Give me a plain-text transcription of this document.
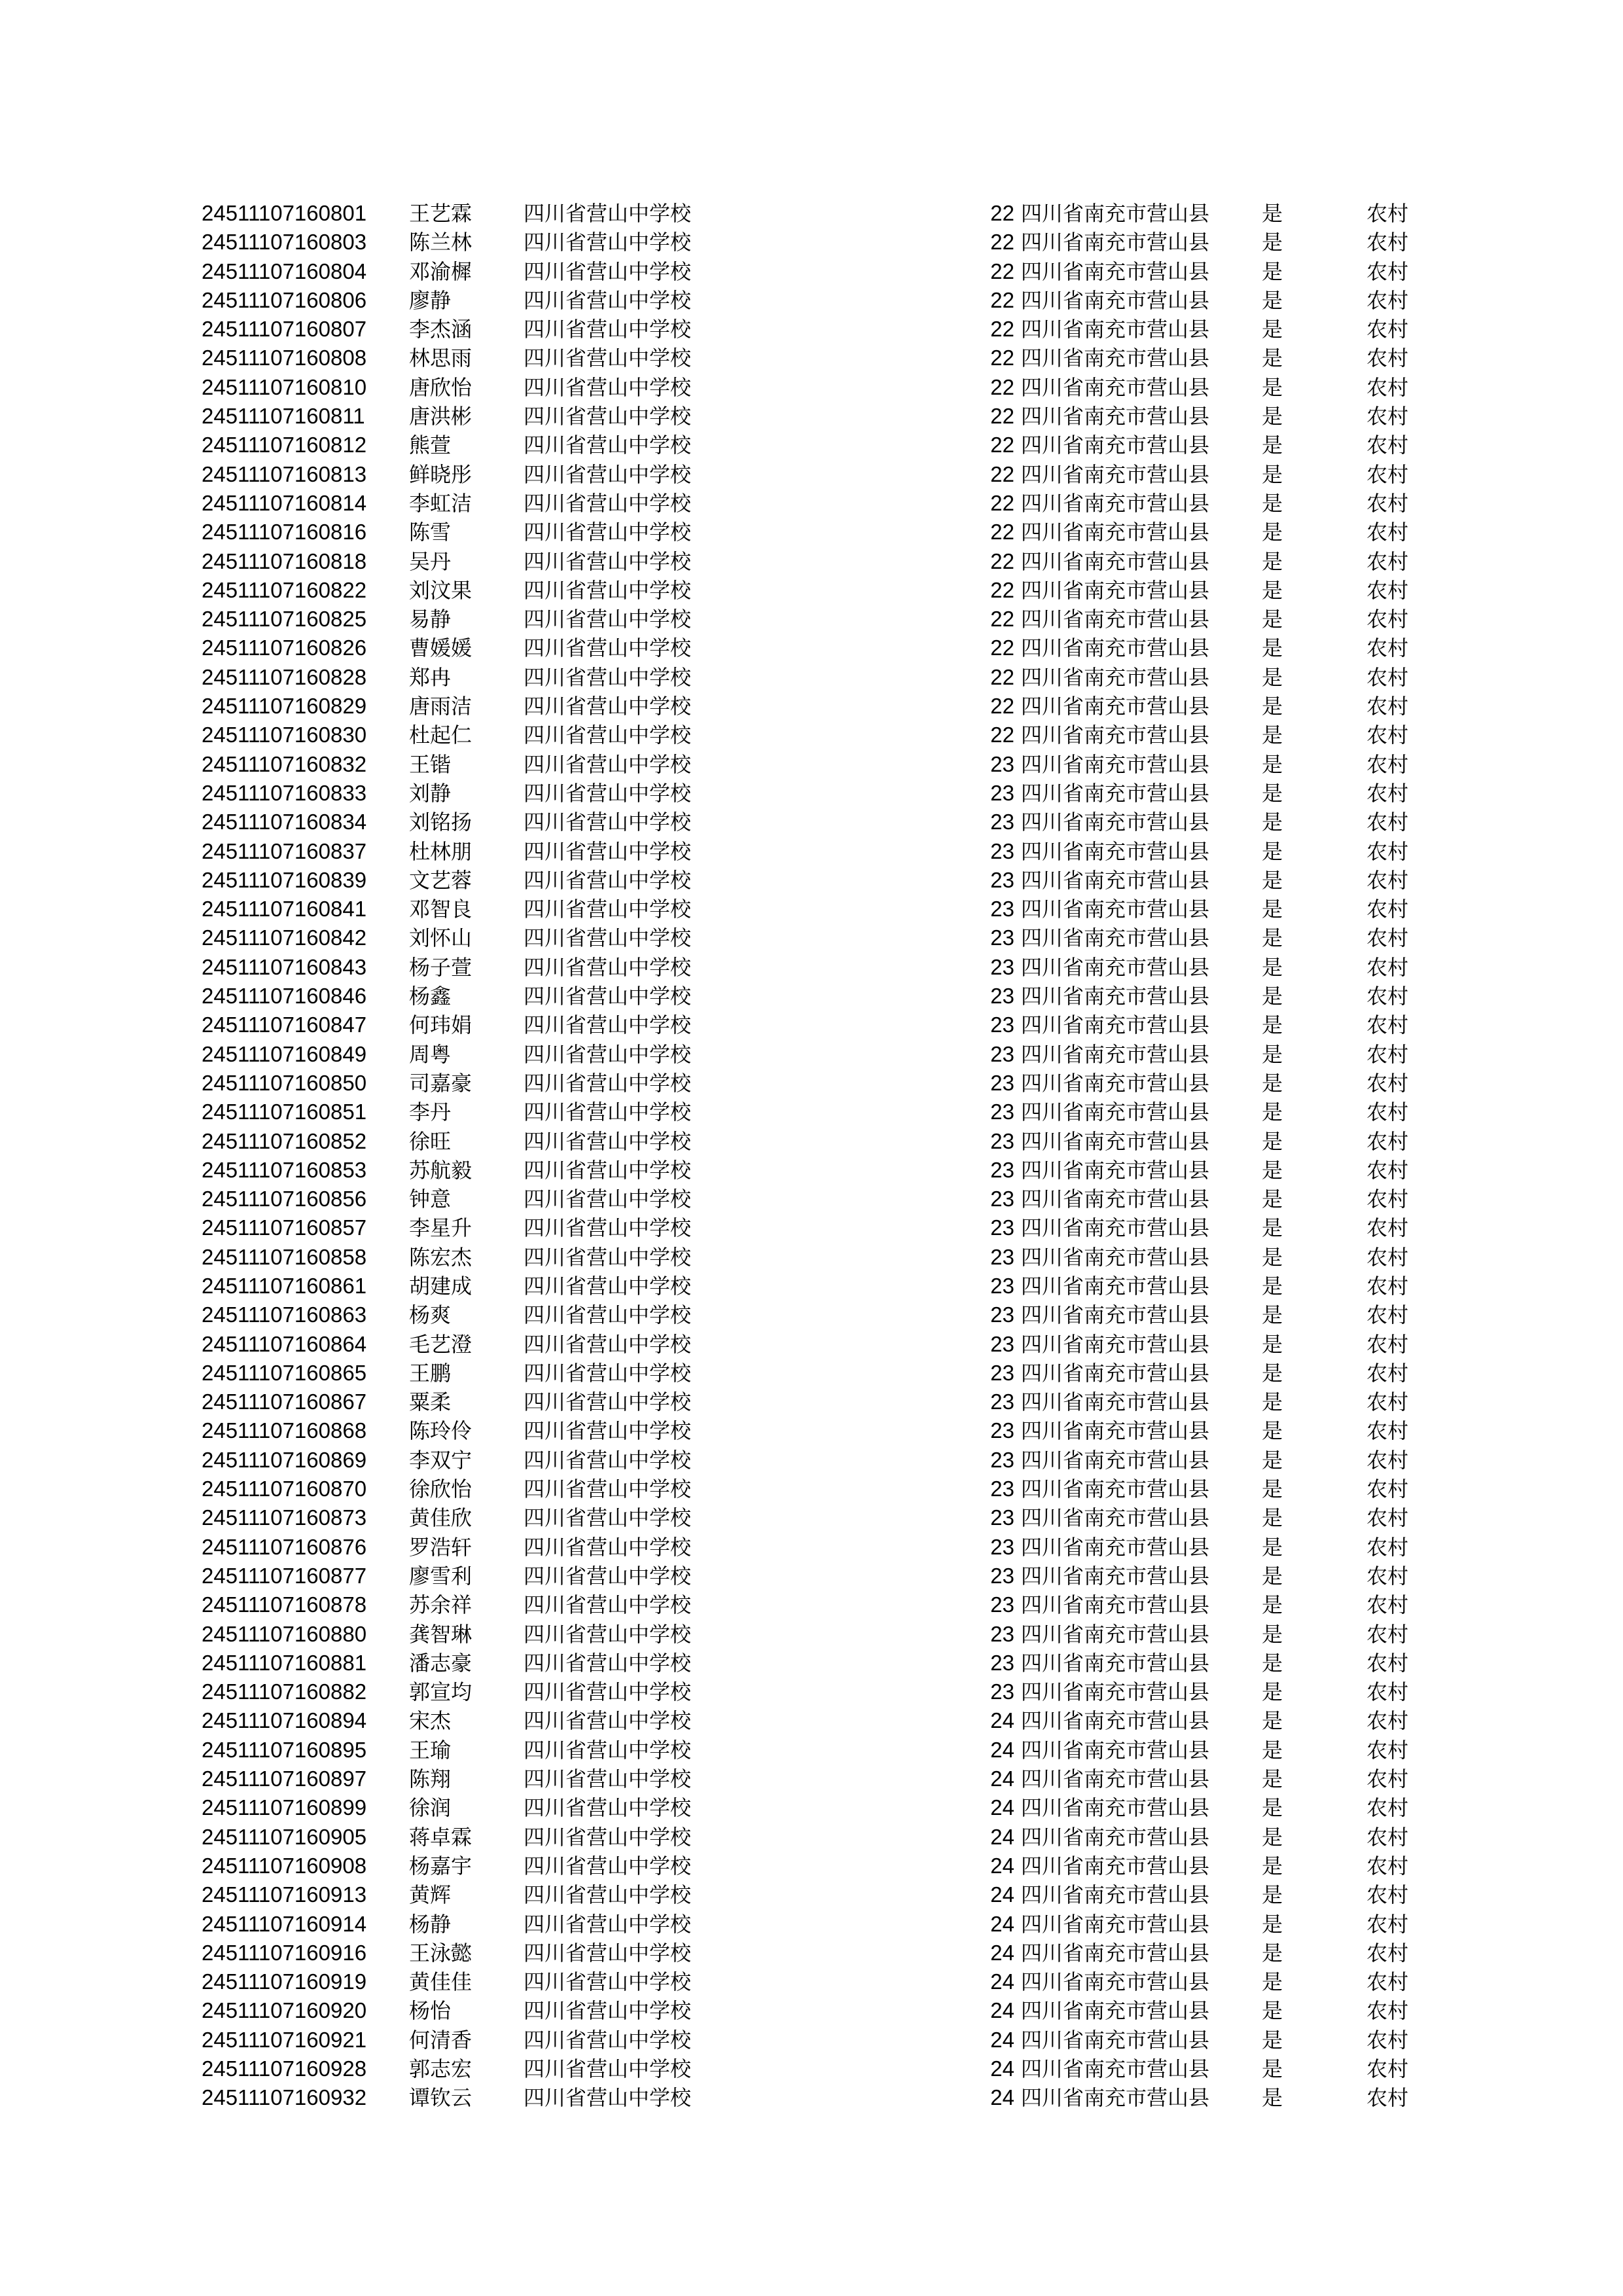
24511107160801 王艺霖 四川省营山中学校	22 四川省南充市营山县 是	农村
24511107160803 陈兰林 四川省营山中学校	22 四川省南充市营山县 是	农村
24511107160804 邓渝樨 四川省营山中学校	22 四川省南充市营山县 是	农村
24511107160806 廖静	四川省营山中学校	22 四川省南充市营山县 是	农村
24511107160807 李杰涵 四川省营山中学校	22 四川省南充市营山县 是	农村
24511107160808 林思雨 四川省营山中学校	22 四川省南充市营山县 是	农村
24511107160810 唐欣怡 四川省营山中学校	22 四川省南充市营山县 是	农村
24511107160811 唐洪彬 四川省营山中学校	22 四川省南充市营山县 是	农村
24511107160812 熊萱	四川省营山中学校	22 四川省南充市营山县 是	农村
24511107160813 鲜晓彤 四川省营山中学校	22 四川省南充市营山县 是	农村
24511107160814 李虹洁 四川省营山中学校	22 四川省南充市营山县 是	农村
24511107160816 陈雪	四川省营山中学校	22 四川省南充市营山县 是	农村
24511107160818 吴丹	四川省营山中学校	22 四川省南充市营山县 是	农村
24511107160822 刘汶果 四川省营山中学校	22 四川省南充市营山县 是	农村
24511107160825 易静	四川省营山中学校	22 四川省南充市营山县 是	农村
24511107160826 曹媛媛 四川省营山中学校	22 四川省南充市营山县 是	农村
24511107160828 郑冉	四川省营山中学校	22 四川省南充市营山县 是	农村
24511107160829 唐雨洁 四川省营山中学校	22 四川省南充市营山县 是	农村
24511107160830 杜起仁 四川省营山中学校	22 四川省南充市营山县 是	农村
24511107160832 王锴	四川省营山中学校	23 四川省南充市营山县 是	农村
24511107160833 刘静	四川省营山中学校	23 四川省南充市营山县 是	农村
24511107160834 刘铭扬 四川省营山中学校	23 四川省南充市营山县 是	农村
24511107160837 杜林朋 四川省营山中学校	23 四川省南充市营山县 是	农村
24511107160839 文艺蓉 四川省营山中学校	23 四川省南充市营山县 是	农村
24511107160841 邓智良 四川省营山中学校	23 四川省南充市营山县 是	农村
24511107160842 刘怀山 四川省营山中学校	23 四川省南充市营山县 是	农村
24511107160843 杨子萱 四川省营山中学校	23 四川省南充市营山县 是	农村
24511107160846 杨鑫	四川省营山中学校	23 四川省南充市营山县 是	农村
24511107160847 何玮娟 四川省营山中学校	23 四川省南充市营山县 是	农村
24511107160849 周粤	四川省营山中学校	23 四川省南充市营山县 是	农村
24511107160850 司嘉豪 四川省营山中学校	23 四川省南充市营山县 是	农村
24511107160851 李丹	四川省营山中学校	23 四川省南充市营山县 是	农村
24511107160852 徐旺	四川省营山中学校	23 四川省南充市营山县 是	农村
24511107160853 苏航毅 四川省营山中学校	23 四川省南充市营山县 是	农村
24511107160856 钟意	四川省营山中学校	23 四川省南充市营山县 是	农村
24511107160857 李星升 四川省营山中学校	23 四川省南充市营山县 是	农村
24511107160858 陈宏杰 四川省营山中学校	23 四川省南充市营山县 是	农村
24511107160861 胡建成 四川省营山中学校	23 四川省南充市营山县 是	农村
24511107160863 杨爽	四川省营山中学校	23 四川省南充市营山县 是	农村
24511107160864 毛艺澄 四川省营山中学校	23 四川省南充市营山县 是	农村
24511107160865 王鹏	四川省营山中学校	23 四川省南充市营山县 是	农村
24511107160867 粟柔	四川省营山中学校	23 四川省南充市营山县 是	农村
24511107160868 陈玲伶 四川省营山中学校	23 四川省南充市营山县 是	农村
24511107160869 李双宁 四川省营山中学校	23 四川省南充市营山县 是	农村
24511107160870 徐欣怡 四川省营山中学校	23 四川省南充市营山县 是	农村
24511107160873 黄佳欣 四川省营山中学校	23 四川省南充市营山县 是	农村
24511107160876 罗浩轩 四川省营山中学校	23 四川省南充市营山县 是	农村
24511107160877 廖雪利 四川省营山中学校	23 四川省南充市营山县 是	农村
24511107160878 苏余祥 四川省营山中学校	23 四川省南充市营山县 是	农村
24511107160880 龚智琳 四川省营山中学校	23 四川省南充市营山县 是	农村
24511107160881 潘志豪 四川省营山中学校	23 四川省南充市营山县 是	农村
24511107160882 郭宣均 四川省营山中学校	23 四川省南充市营山县 是	农村
24511107160894 宋杰	四川省营山中学校	24 四川省南充市营山县 是	农村
24511107160895 王瑜	四川省营山中学校	24 四川省南充市营山县 是	农村
24511107160897 陈翔	四川省营山中学校	24 四川省南充市营山县 是	农村
24511107160899 徐润	四川省营山中学校	24 四川省南充市营山县 是	农村
24511107160905 蒋卓霖 四川省营山中学校	24 四川省南充市营山县 是	农村
24511107160908 杨嘉宇 四川省营山中学校	24 四川省南充市营山县 是	农村
24511107160913 黄辉	四川省营山中学校	24 四川省南充市营山县 是	农村
24511107160914 杨静	四川省营山中学校	24 四川省南充市营山县 是	农村
24511107160916 王泳懿 四川省营山中学校	24 四川省南充市营山县 是	农村
24511107160919 黄佳佳 四川省营山中学校	24 四川省南充市营山县 是	农村
24511107160920 杨怡	四川省营山中学校	24 四川省南充市营山县 是	农村
24511107160921 何清香 四川省营山中学校	24 四川省南充市营山县 是	农村
24511107160928 郭志宏 四川省营山中学校	24 四川省南充市营山县 是	农村
24511107160932 谭钦云 四川省营山中学校	24 四川省南充市营山县 是	农村
